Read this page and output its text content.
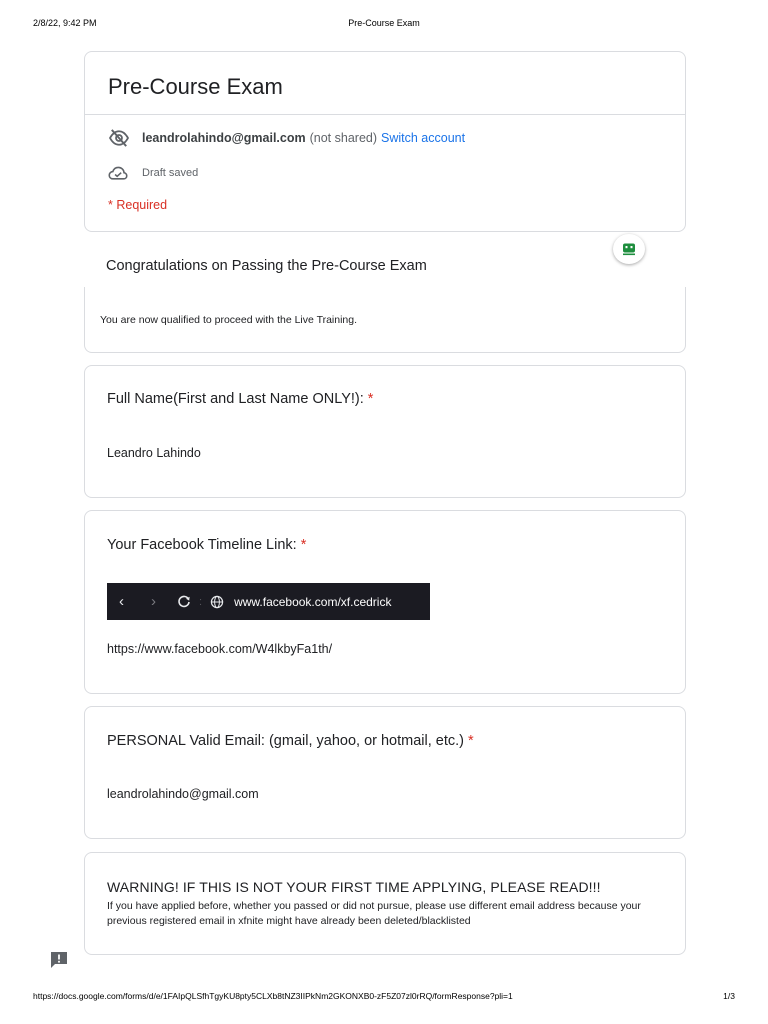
2/8/22, 9:42 PM	Pre-Course Exam
Pre-Course Exam
leandrolahindo@gmail.com (not shared) Switch account
Draft saved
* Required
Congratulations on Passing the Pre-Course Exam
You are now qualified to proceed with the Live Training.
Full Name(First and Last Name ONLY!): *
Leandro Lahindo
Your Facebook Timeline Link: *
‹	›	:	www.facebook.com/xf.cedrick
https://www.facebook.com/W4lkbyFa1th/
PERSONAL Valid Email: (gmail, yahoo, or hotmail, etc.) *
leandrolahindo@gmail.com
WARNING! IF THIS IS NOT YOUR FIRST TIME APPLYING, PLEASE READ!!!
If you have applied before, whether you passed or did not pursue, please use different email address because your previous registered email in xfnite might have already been deleted/blacklisted
https://docs.google.com/forms/d/e/1FAIpQLSfhTgyKU8pty5CLXb8tNZ3IIPkNm2GKONXB0-zF5Z07zl0rRQ/formResponse?pli=1	1/3
